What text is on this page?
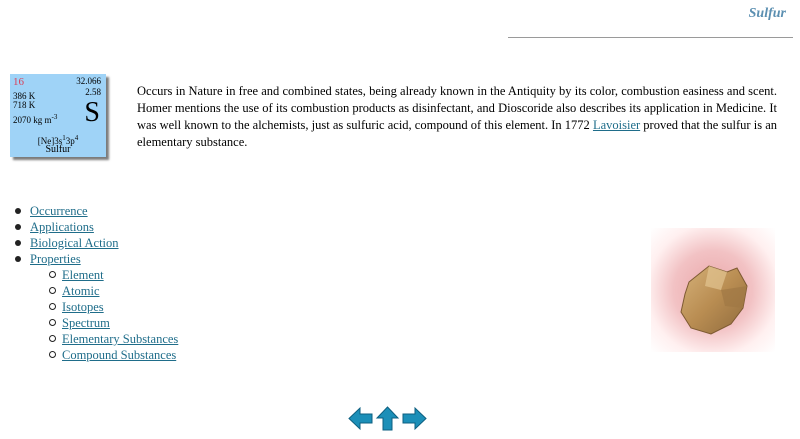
Sulfur
16	32.066
2.58
386 K
718 K
2070 kg $m^{-3}$ S
$[Ne]3s^13p^4$
Sulfur
Occurs in Nature in free and combined states, being already known in the Antiquity by its color, combustion easiness and scent. Homer mentions the use of its combustion products as disinfectant, and Dioscoride also describes its application in Medicine. It was well known to the alchemists, just as sulfuric acid, compound of this element. In 1772 Lavoisier proved that the sulfur is an elementary substance.
Occurrence
Applications
Biological Action
Properties
Element
Atomic
Isotopes
Spectrum
Elementary Substances
Compound Substances
